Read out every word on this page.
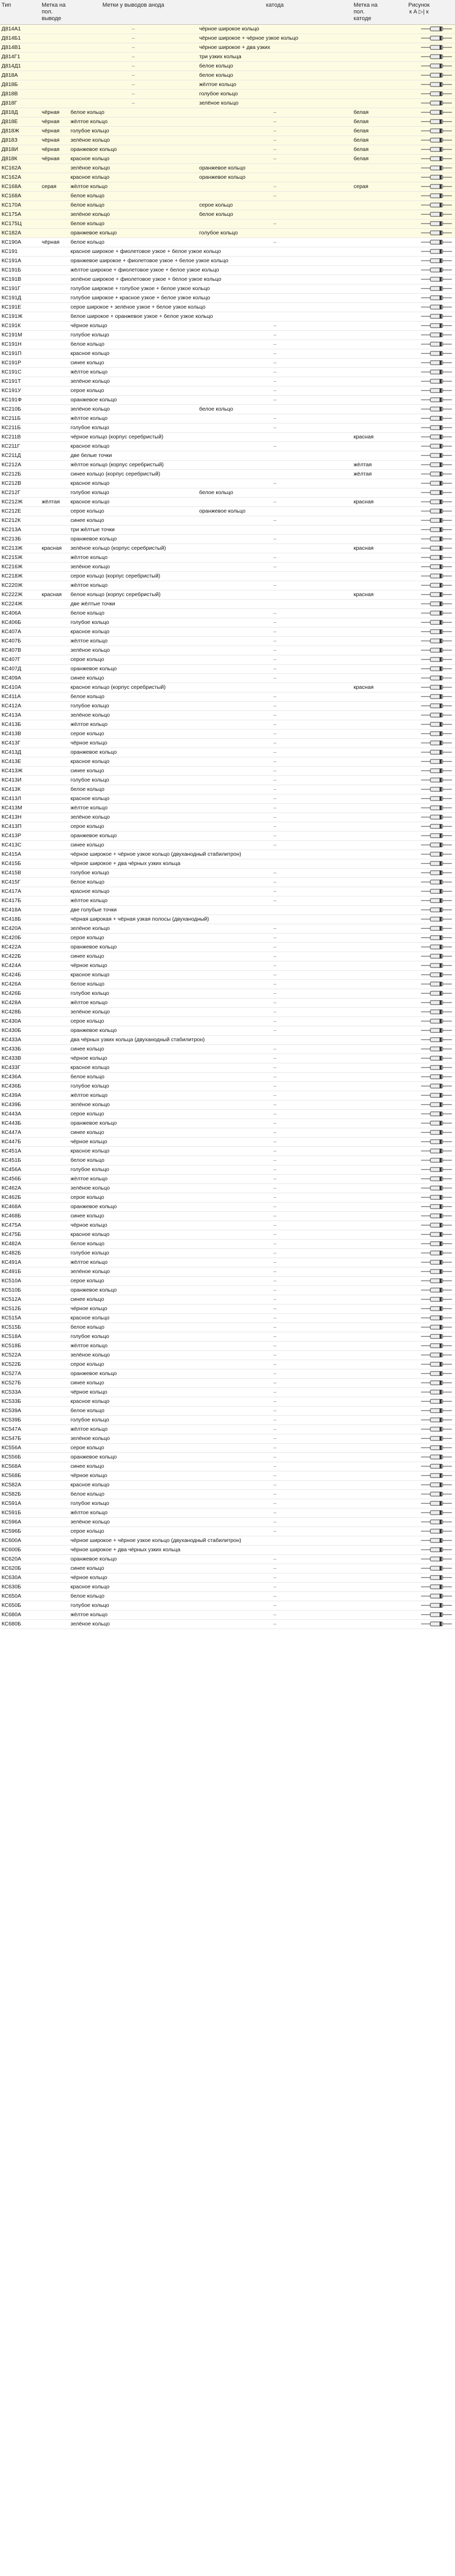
Тип	Метка на пол. выводе	Метки у выводов анода	катода	Метка на пол. катоде	Рисунок
к А ▷| к

Д814А1		–	чёрное широкое кольцо		
Д814Б1		–	чёрное широкое + чёрное узкое кольцо		
Д814В1		–	чёрное широкое + два узких		
Д814Г1		–	три узких кольца		
Д814Д1		–	белое кольцо		
Д818А		–	белое кольцо		
Д818Б		–	жёлтое кольцо		
Д818В		–	голубое кольцо		
Д818Г		–	зелёное кольцо		
Д818Д	чёрная	белое кольцо	–	белая	
Д818Е	чёрная	жёлтое кольцо	–	белая	
Д818Ж	чёрная	голубое кольцо	–	белая	
Д818З	чёрная	зелёное кольцо	–	белая	
Д818И	чёрная	оранжевое кольцо	–	белая	
Д818К	чёрная	красное кольцо	–	белая	
КС162А		зелёное кольцо	оранжевое кольцо		
КС162А		красное кольцо	оранжевое кольцо		
КС168А	серая	жёлтое кольцо	–	серая	
КС168А		белое кольцо	–		
КС170А		белое кольцо	серое кольцо		
КС175А		зелёное кольцо	белое кольцо		
КС175Ц		белое кольцо	–		
КС182А		оранжевое кольцо	голубое кольцо		
КС190А	чёрная	белое кольцо	–		
КС191		красное широкое + фиолетовое узкое + белое узкое кольцо		
КС191А		оранжевое широкое + фиолетовое узкое + белое узкое кольцо		
КС191Б		жёлтое широкое + фиолетовое узкое + белое узкое кольцо		
КС191В		зелёное широкое + фиолетовое узкое + белое узкое кольцо		
КС191Г		голубое широкое + голубое узкое + белое узкое кольцо		
КС191Д		голубое широкое + красное узкое + белое узкое кольцо		
КС191Е		серое широкое + зелёное узкое + белое узкое кольцо		
КС191Ж		белое широкое + оранжевое узкое + белое узкое кольцо		
КС191К		чёрное кольцо	–		
КС191М		голубое кольцо	–		
КС191Н		белое кольцо	–		
КС191П		красное кольцо	–		
КС191Р		синее кольцо	–		
КС191С		жёлтое кольцо	–		
КС191Т		зелёное кольцо	–		
КС191У		серое кольцо	–		
КС191Ф		оранжевое кольцо	–		
КС210Б		зелёное кольцо	белое кольцо		
КС211Б		жёлтое кольцо	–		
КС211Б		голубое кольцо	–		
КС211В		чёрное кольцо (корпус серебристый)		красная	
КС211Г		красное кольцо	–		
КС211Д		две белые точки			
КС212А		жёлтое кольцо (корпус серебристый)		жёлтая	
КС212Б		синее кольцо (корпус серебристый)		жёлтая	
КС212В		красное кольцо	–		
КС212Г		голубое кольцо	белое кольцо		
КС212Ж	жёлтая	красное кольцо	–	красная	
КС212Е		серое кольцо	оранжевое кольцо		
КС212К		синее кольцо	–		
КС213А		три жёлтые точки			
КС213Б		оранжевое кольцо	–		
КС213Ж	красная	зелёное кольцо (корпус серебристый)		красная	
КС215Ж		жёлтое кольцо	–		
КС216Ж		зелёное кольцо	–		
КС218Ж		серое кольцо (корпус серебристый)			
КС220Ж		жёлтое кольцо	–		
КС222Ж	красная	белое кольцо (корпус серебристый)		красная	
КС224Ж		две жёлтые точки			
КС406А		белое кольцо	–		
КС406Б		голубое кольцо	–		
КС407А		красное кольцо	–		
КС407Б		жёлтое кольцо	–		
КС407В		зелёное кольцо	–		
КС407Г		серое кольцо	–		
КС407Д		оранжевое кольцо	–		
КС409А		синее кольцо	–		
КС410А		красное кольцо (корпус серебристый)		красная	
КС411А		белое кольцо	–		
КС412А		голубое кольцо	–		
КС413А		зелёное кольцо	–		
КС413Б		жёлтое кольцо	–		
КС413В		серое кольцо	–		
КС413Г		чёрное кольцо	–		
КС413Д		оранжевое кольцо	–		
КС413Е		красное кольцо	–		
КС413Ж		синее кольцо	–		
КС413И		голубое кольцо	–		
КС413К		белое кольцо	–		
КС413Л		красное кольцо	–		
КС413М		жёлтое кольцо	–		
КС413Н		зелёное кольцо	–		
КС413П		серое кольцо	–		
КС413Р		оранжевое кольцо	–		
КС413С		синее кольцо	–		
КС415А		чёрное широкое + чёрное узкое кольцо (двуханодный стабилитрон)		
КС415Б		чёрное широкое + два чёрных узких кольца		
КС415В		голубое кольцо	–		
КС415Г		белое кольцо	–		
КС417А		красное кольцо	–		
КС417Б		жёлтое кольцо	–		
КС418А		две голубые точки			
КС418Б		чёрная широкая + чёрная узкая полосы (двуханодный)		
КС420А		зелёное кольцо	–		
КС420Б		серое кольцо	–		
КС422А		оранжевое кольцо	–		
КС422Б		синее кольцо	–		
КС424А		чёрное кольцо	–		
КС424Б		красное кольцо	–		
КС426А		белое кольцо	–		
КС426Б		голубое кольцо	–		
КС428А		жёлтое кольцо	–		
КС428Б		зелёное кольцо	–		
КС430А		серое кольцо	–		
КС430Б		оранжевое кольцо	–		
КС433А		два чёрных узких кольца (двуханодный стабилитрон)		
КС433Б		синее кольцо	–		
КС433В		чёрное кольцо	–		
КС433Г		красное кольцо	–		
КС436А		белое кольцо	–		
КС436Б		голубое кольцо	–		
КС439А		жёлтое кольцо	–		
КС439Б		зелёное кольцо	–		
КС443А		серое кольцо	–		
КС443Б		оранжевое кольцо	–		
КС447А		синее кольцо	–		
КС447Б		чёрное кольцо	–		
КС451А		красное кольцо	–		
КС451Б		белое кольцо	–		
КС456А		голубое кольцо	–		
КС456Б		жёлтое кольцо	–		
КС462А		зелёное кольцо	–		
КС462Б		серое кольцо	–		
КС468А		оранжевое кольцо	–		
КС468Б		синее кольцо	–		
КС475А		чёрное кольцо	–		
КС475Б		красное кольцо	–		
КС482А		белое кольцо	–		
КС482Б		голубое кольцо	–		
КС491А		жёлтое кольцо	–		
КС491Б		зелёное кольцо	–		
КС510А		серое кольцо	–		
КС510Б		оранжевое кольцо	–		
КС512А		синее кольцо	–		
КС512Б		чёрное кольцо	–		
КС515А		красное кольцо	–		
КС515Б		белое кольцо	–		
КС518А		голубое кольцо	–		
КС518Б		жёлтое кольцо	–		
КС522А		зелёное кольцо	–		
КС522Б		серое кольцо	–		
КС527А		оранжевое кольцо	–		
КС527Б		синее кольцо	–		
КС533А		чёрное кольцо	–		
КС533Б		красное кольцо	–		
КС539А		белое кольцо	–		
КС539Б		голубое кольцо	–		
КС547А		жёлтое кольцо	–		
КС547Б		зелёное кольцо	–		
КС556А		серое кольцо	–		
КС556Б		оранжевое кольцо	–		
КС568А		синее кольцо	–		
КС568Б		чёрное кольцо	–		
КС582А		красное кольцо	–		
КС582Б		белое кольцо	–		
КС591А		голубое кольцо	–		
КС591Б		жёлтое кольцо	–		
КС596А		зелёное кольцо	–		
КС596Б		серое кольцо	–		
КС600А		чёрное широкое + чёрное узкое кольцо (двуханодный стабилитрон)		
КС600Б		чёрное широкое + два чёрных узких кольца		
КС620А		оранжевое кольцо	–		
КС620Б		синее кольцо	–		
КС630А		чёрное кольцо	–		
КС630Б		красное кольцо	–		
КС650А		белое кольцо	–		
КС650Б		голубое кольцо	–		
КС680А		жёлтое кольцо	–		
КС680Б		зелёное кольцо	–		
